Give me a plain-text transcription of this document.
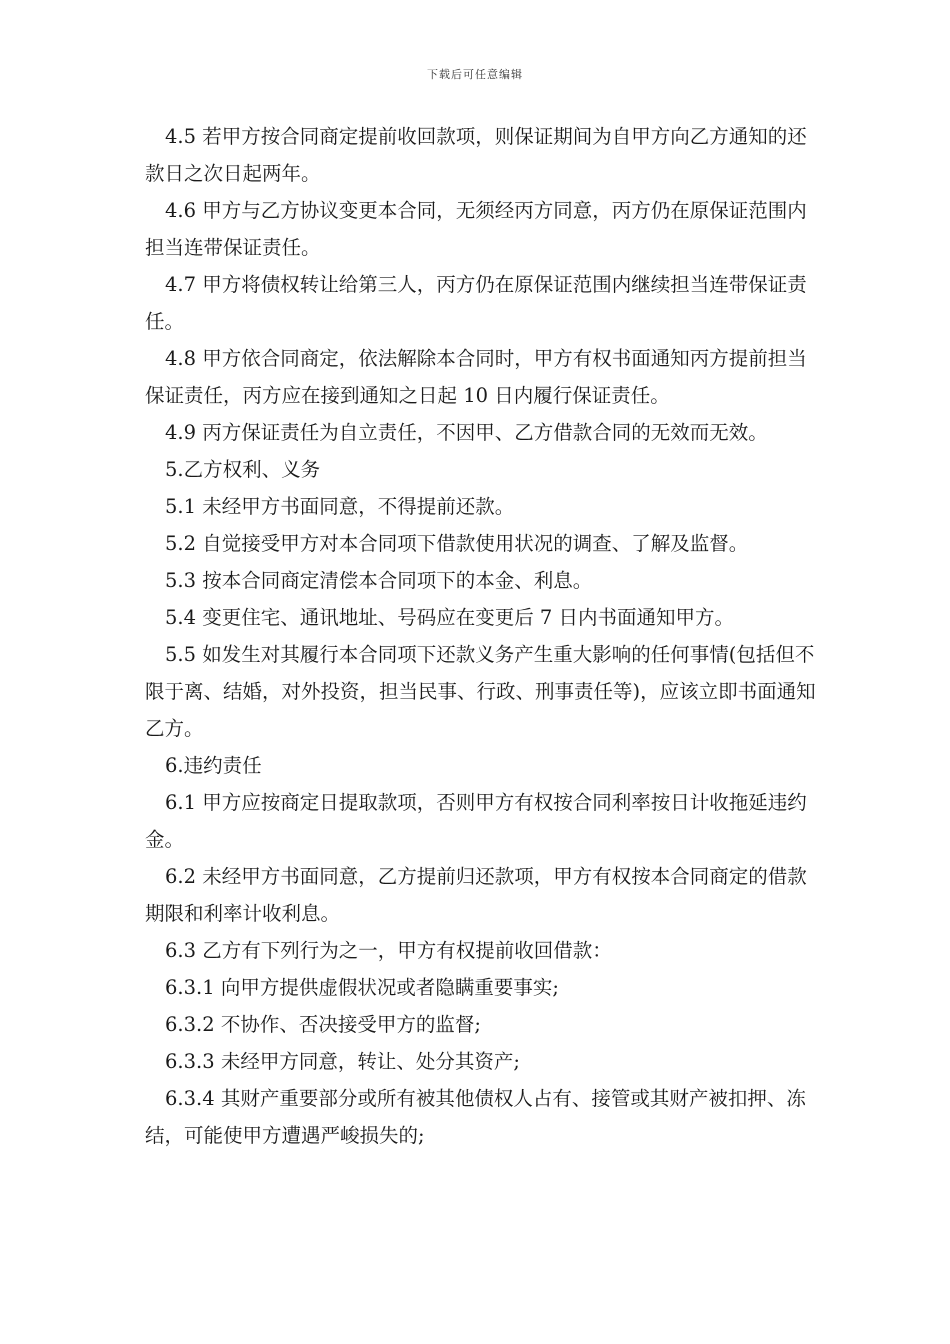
下载后可任意编辑

4.5 若甲方按合同商定提前收回款项，则保证期间为自甲方向乙方通知的还款日之次日起两年。

4.6 甲方与乙方协议变更本合同，无须经丙方同意，丙方仍在原保证范围内担当连带保证责任。

4.7 甲方将债权转让给第三人，丙方仍在原保证范围内继续担当连带保证责任。

4.8 甲方依合同商定，依法解除本合同时，甲方有权书面通知丙方提前担当保证责任，丙方应在接到通知之日起 10 日内履行保证责任。

4.9 丙方保证责任为自立责任，不因甲、乙方借款合同的无效而无效。

5.乙方权利、义务

5.1 未经甲方书面同意，不得提前还款。

5.2 自觉接受甲方对本合同项下借款使用状况的调查、了解及监督。

5.3 按本合同商定清偿本合同项下的本金、利息。

5.4 变更住宅、通讯地址、号码应在变更后 7 日内书面通知甲方。

5.5 如发生对其履行本合同项下还款义务产生重大影响的任何事情(包括但不限于离、结婚，对外投资，担当民事、行政、刑事责任等)，应该立即书面通知乙方。

6.违约责任

6.1 甲方应按商定日提取款项，否则甲方有权按合同利率按日计收拖延违约金。

6.2 未经甲方书面同意，乙方提前归还款项，甲方有权按本合同商定的借款期限和利率计收利息。

6.3 乙方有下列行为之一，甲方有权提前收回借款：

6.3.1 向甲方提供虚假状况或者隐瞒重要事实;

6.3.2 不协作、否决接受甲方的监督;

6.3.3 未经甲方同意，转让、处分其资产;

6.3.4 其财产重要部分或所有被其他债权人占有、接管或其财产被扣押、冻结，可能使甲方遭遇严峻损失的;
